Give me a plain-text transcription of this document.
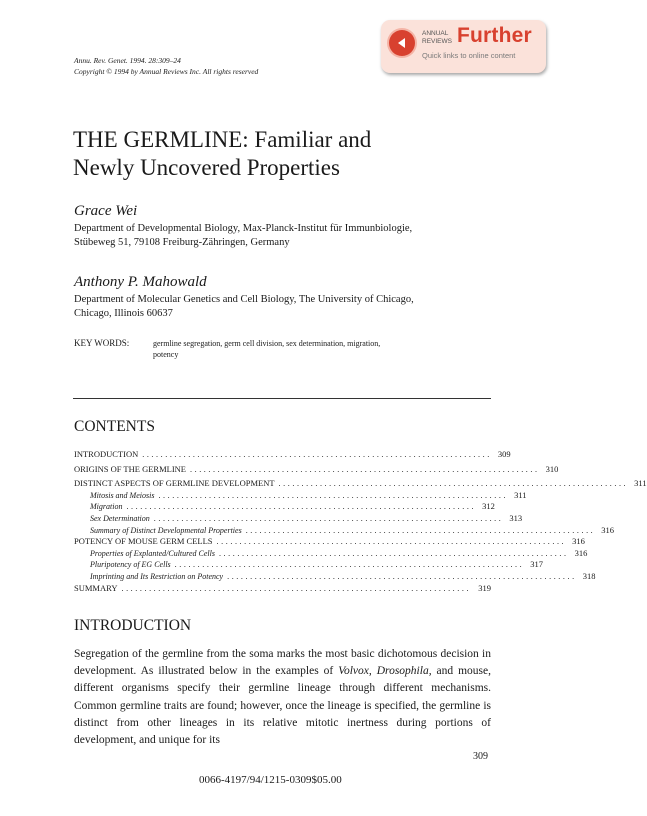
Annu. Rev. Genet. 1994. 28:309–24
Copyright © 1994 by Annual Reviews Inc. All rights reserved
ANNUAL
REVIEWS Further
Quick links to online content
THE GERMLINE: Familiar and
Newly Uncovered Properties
Grace Wei
Department of Developmental Biology, Max-Planck-Institut für Immunbiologie,
Stübeweg 51, 79108 Freiburg-Zähringen, Germany
Anthony P. Mahowald
Department of Molecular Genetics and Cell Biology, The University of Chicago,
Chicago, Illinois 60637
KEY WORDS:	germline segregation, germ cell division, sex determination, migration,
potency
CONTENTS
INTRODUCTION ............................................................................ 309
ORIGINS OF THE GERMLINE ............................................................................ 310
DISTINCT ASPECTS OF GERMLINE DEVELOPMENT ............................................................................ 311
Mitosis and Meiosis ............................................................................ 311
Migration ............................................................................ 312
Sex Determination ............................................................................ 313
Summary of Distinct Developmental Properties ............................................................................ 316
POTENCY OF MOUSE GERM CELLS ............................................................................ 316
Properties of Explanted/Cultured Cells ............................................................................ 316
Pluripotency of EG Cells ............................................................................ 317
Imprinting and Its Restriction on Potency ............................................................................ 318
SUMMARY ............................................................................ 319
INTRODUCTION
Segregation of the germline from the soma marks the most basic dichotomous decision in development. As illustrated below in the examples of Volvox, Drosophila, and mouse, different organisms specify their germline lineage through different mechanisms. Common germline traits are found; however, once the lineage is specified, the germline is distinct from other lineages in its relative mitotic inertness during portions of development, and unique for its
309
0066-4197/94/1215-0309$05.00
